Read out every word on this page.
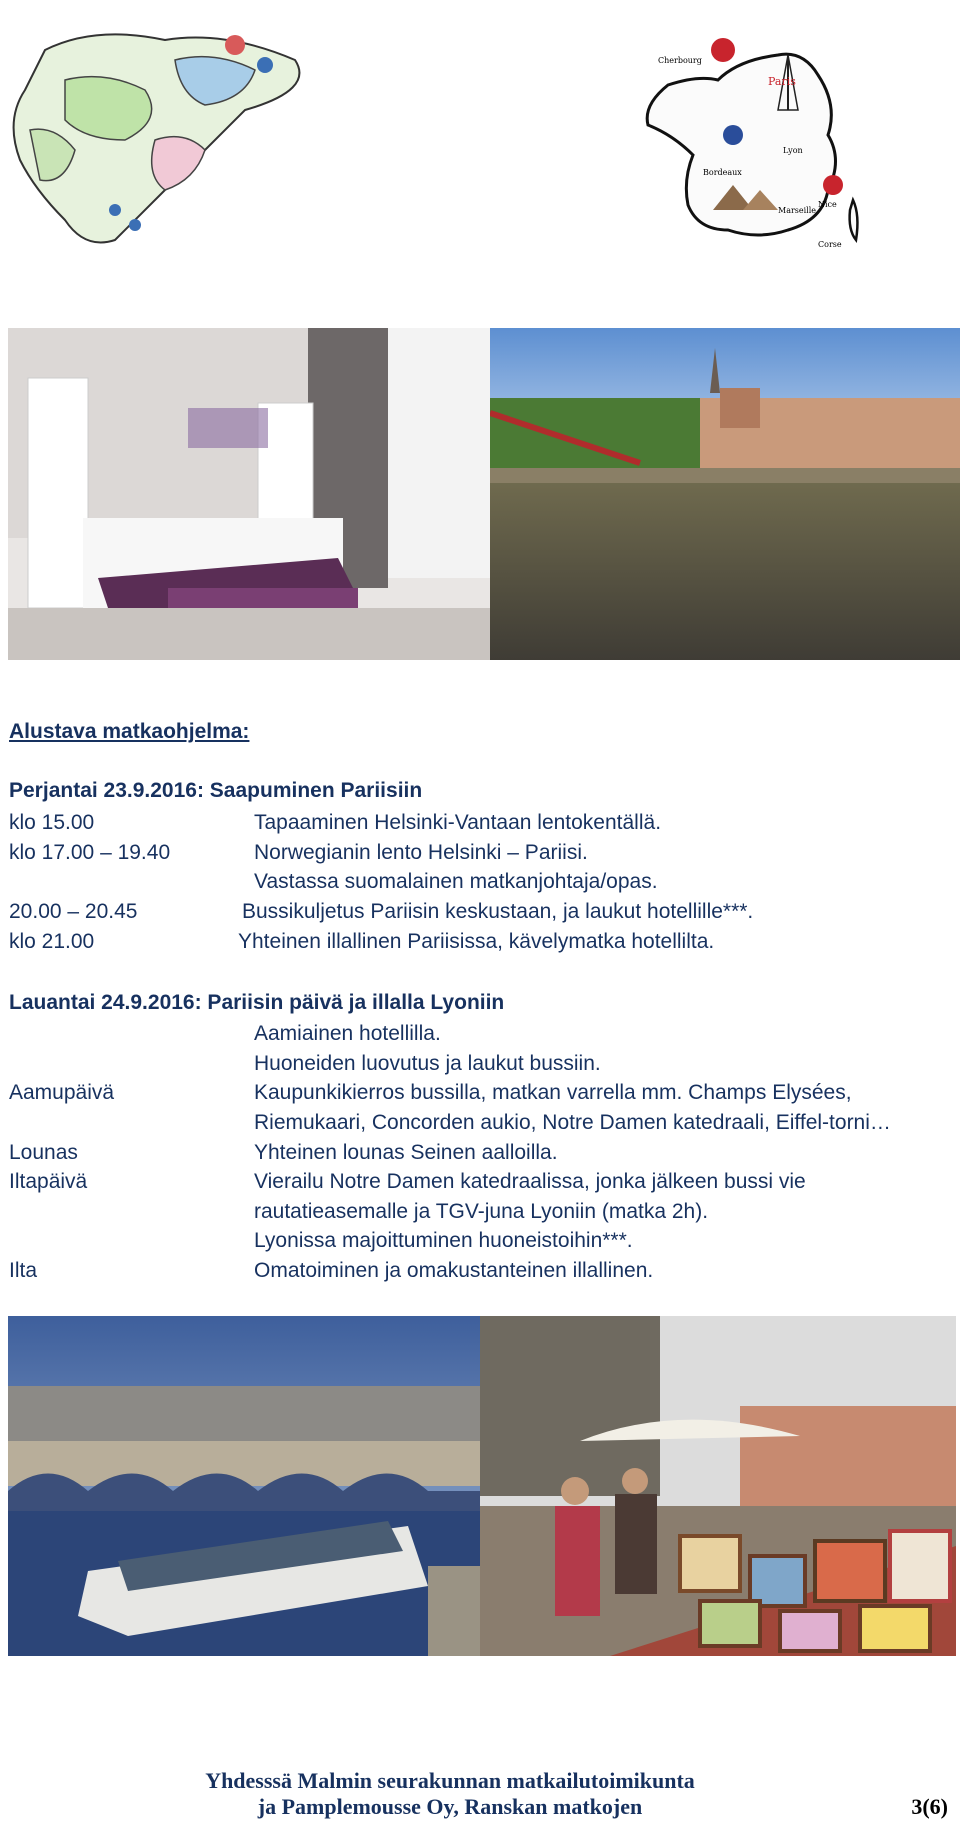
Cherbourg
Paris
Lyon
Bordeaux
Nice
Marseille
Corse
Alustava matkaohjelma:
Perjantai 23.9.2016: Saapuminen Pariisiin
klo 15.00	Tapaaminen Helsinki-Vantaan lentokentällä.
klo 17.00 – 19.40	Norwegianin lento Helsinki – Pariisi.
Vastassa suomalainen matkanjohtaja/opas.
20.00 – 20.45	Bussikuljetus Pariisin keskustaan, ja laukut hotellille***.
klo 21.00	Yhteinen illallinen Pariisissa, kävelymatka hotellilta.
Lauantai 24.9.2016: Pariisin päivä ja illalla Lyoniin
Aamiainen hotellilla.
Huoneiden luovutus ja laukut bussiin.
Aamupäivä	Kaupunkikierros bussilla, matkan varrella mm. Champs Elysées,
Riemukaari, Concorden aukio, Notre Damen katedraali, Eiffel-torni…
Lounas	Yhteinen lounas Seinen aalloilla.
Iltapäivä	Vierailu Notre Damen katedraalissa, jonka jälkeen bussi vie
rautatieasemalle ja TGV-juna Lyoniin (matka 2h).
Lyonissa majoittuminen huoneistoihin***.
Ilta	Omatoiminen ja omakustanteinen illallinen.
Yhdesssä Malmin seurakunnan matkailutoimikunta
ja Pamplemousse Oy, Ranskan matkojen	3(6)
